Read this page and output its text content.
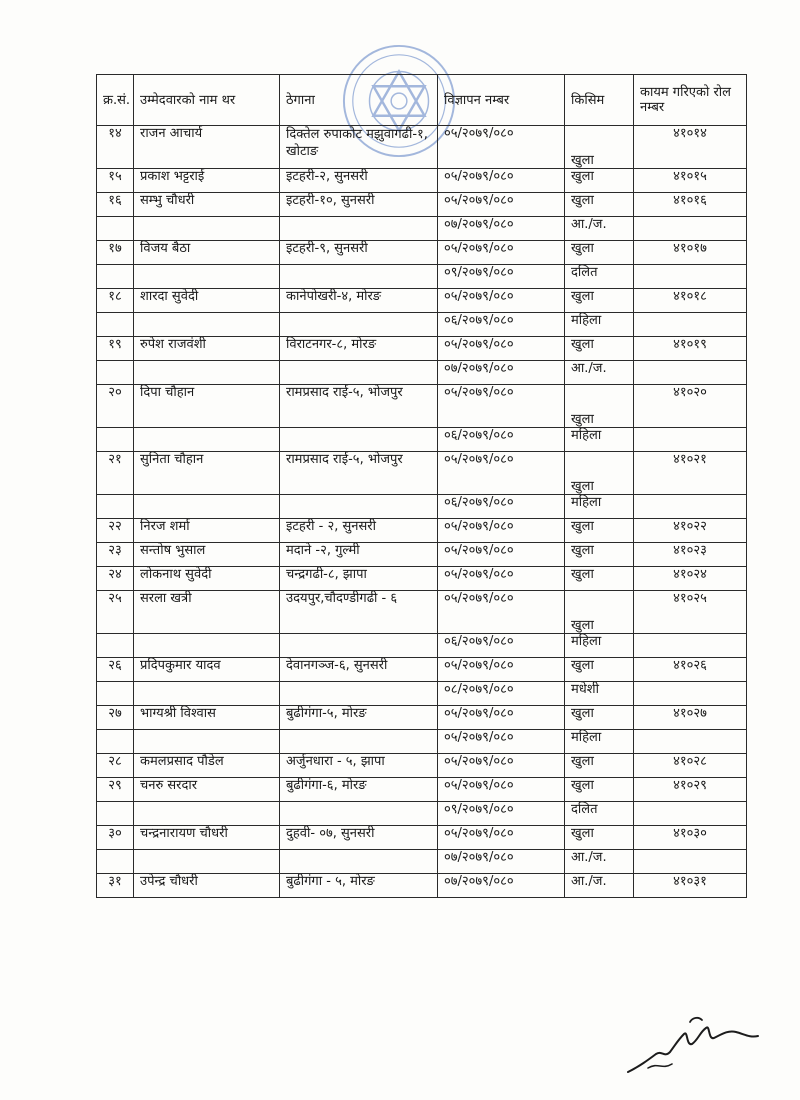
क्र.सं.	उम्मेदवारको नाम थर	ठेगाना	विज्ञापन नम्बर	किसिम	कायम गरिएको रोल नम्बर
१४	राजन आचार्य	दिक्तेल रुपाकोट मझुवागढी-१, खोटाङ	०५/२०७९/०८०	खुला	४१०१४
१५	प्रकाश भट्टराई	इटहरी-२, सुनसरी	०५/२०७९/०८०	खुला	४१०१५
१६	सम्भु चौधरी	इटहरी-१०, सुनसरी	०५/२०७९/०८०	खुला	४१०१६
			०७/२०७९/०८०	आ./ज.	
१७	विजय बैठा	इटहरी-९, सुनसरी	०५/२०७९/०८०	खुला	४१०१७
			०९/२०७९/०८०	दलित	
१८	शारदा सुवेदी	कानेपोखरी-४, मोरङ	०५/२०७९/०८०	खुला	४१०१८
			०६/२०७९/०८०	महिला	
१९	रुपेश राजवंशी	विराटनगर-८, मोरङ	०५/२०७९/०८०	खुला	४१०१९
			०७/२०७९/०८०	आ./ज.	
२०	दिपा चौहान	रामप्रसाद राई-५, भोजपुर	०५/२०७९/०८०	खुला	४१०२०
			०६/२०७९/०८०	महिला	
२१	सुनिता चौहान	रामप्रसाद राई-५, भोजपुर	०५/२०७९/०८०	खुला	४१०२१
			०६/२०७९/०८०	महिला	
२२	निरज शर्मा	इटहरी - २, सुनसरी	०५/२०७९/०८०	खुला	४१०२२
२३	सन्तोष भुसाल	मदाने -२, गुल्मी	०५/२०७९/०८०	खुला	४१०२३
२४	लोकनाथ सुवेदी	चन्द्रगढी-८, झापा	०५/२०७९/०८०	खुला	४१०२४
२५	सरला खत्री	उदयपुर,चौदण्डीगढी - ६	०५/२०७९/०८०	खुला	४१०२५
			०६/२०७९/०८०	महिला	
२६	प्रदिपकुमार यादव	देवानगञ्ज-६, सुनसरी	०५/२०७९/०८०	खुला	४१०२६
			०८/२०७९/०८०	मधेशी	
२७	भाग्यश्री विश्वास	बुढीगंगा-५, मोरङ	०५/२०७९/०८०	खुला	४१०२७
			०५/२०७९/०८०	महिला	
२८	कमलप्रसाद पौडेल	अर्जुनधारा - ५, झापा	०५/२०७९/०८०	खुला	४१०२८
२९	चनरु सरदार	बुढीगंगा-६, मोरङ	०५/२०७९/०८०	खुला	४१०२९
			०९/२०७९/०८०	दलित	
३०	चन्द्रनारायण चौधरी	दुहवी- ०७, सुनसरी	०५/२०७९/०८०	खुला	४१०३०
			०७/२०७९/०८०	आ./ज.	
३१	उपेन्द्र चौधरी	बुढीगंगा - ५, मोरङ	०७/२०७९/०८०	आ./ज.	४१०३१
